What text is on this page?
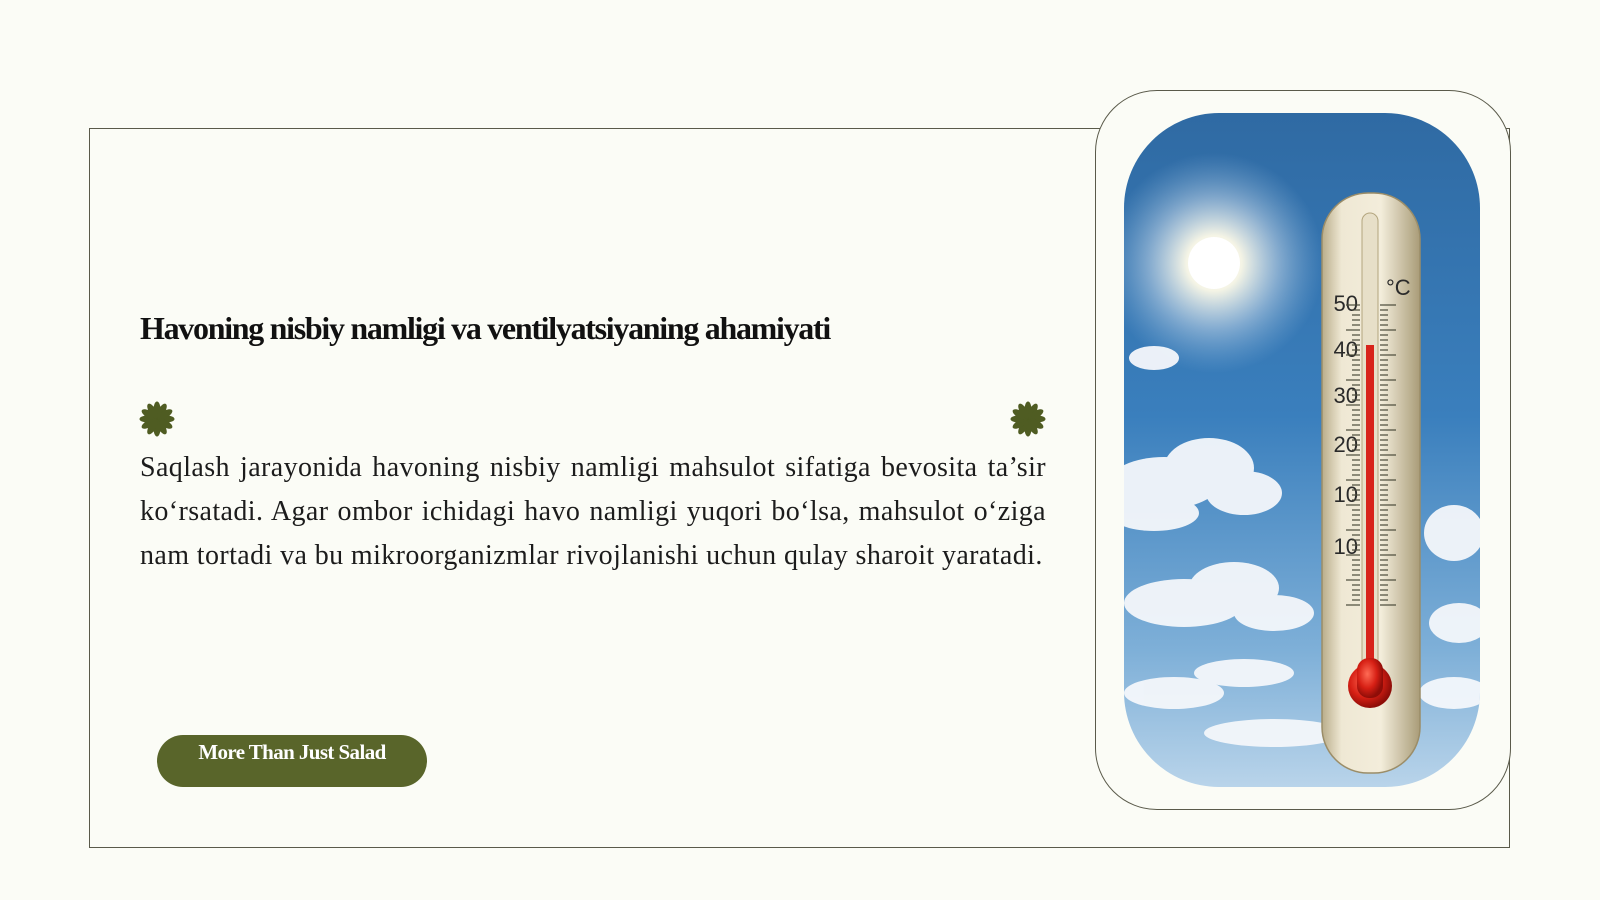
Havoning nisbiy namligi va ventilyatsiyaning ahamiyati
Saqlash jarayonida havoning nisbiy namligi mahsulot sifatiga bevosita ta’sir ko‘rsatadi. Agar ombor ichidagi havo namligi yuqori bo‘lsa, mahsulot o‘ziga nam tortadi va bu mikroorganizmlar rivojlanishi uchun qulay sharoit yaratadi.
More Than Just Salad
50
40
30
20
10
10
°C
